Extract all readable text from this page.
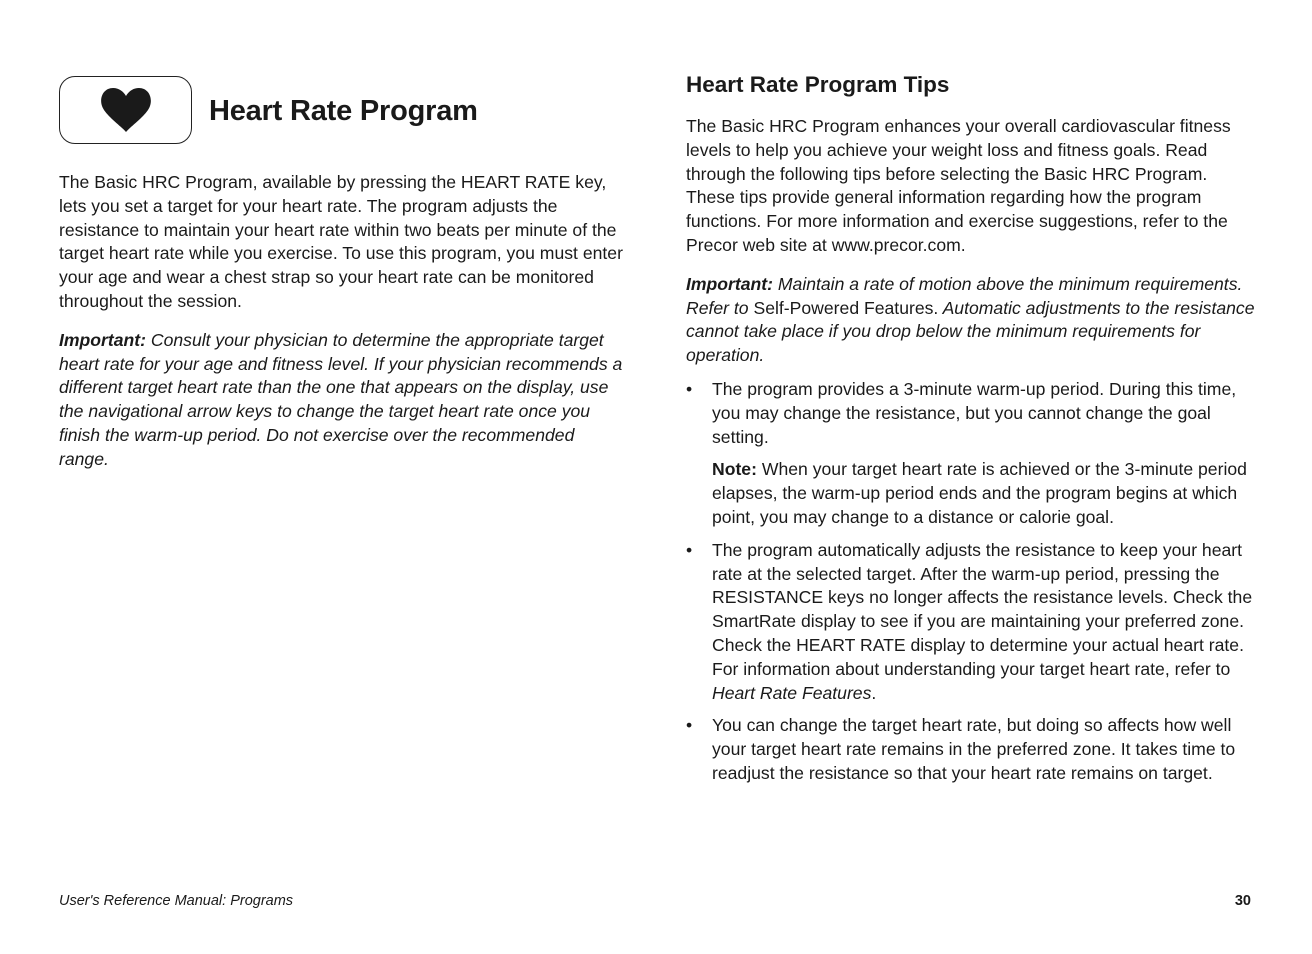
Heart Rate Program

The Basic HRC Program, available by pressing the HEART RATE key, lets you set a target for your heart rate. The program adjusts the resistance to maintain your heart rate within two beats per minute of the target heart rate while you exercise. To use this program, you must enter your age and wear a chest strap so your heart rate can be monitored throughout the session.

Important: Consult your physician to determine the appropriate target heart rate for your age and fitness level. If your physician recommends a different target heart rate than the one that appears on the display, use the navigational arrow keys to change the target heart rate once you finish the warm-up period. Do not exercise over the recommended range.

Heart Rate Program Tips

The Basic HRC Program enhances your overall cardiovascular fitness levels to help you achieve your weight loss and fitness goals. Read through the following tips before selecting the Basic HRC Program. These tips provide general information regarding how the program functions. For more information and exercise suggestions, refer to the Precor web site at www.precor.com.

Important: Maintain a rate of motion above the minimum requirements. Refer to Self-Powered Features. Automatic adjustments to the resistance cannot take place if you drop below the minimum requirements for operation.

• The program provides a 3-minute warm-up period. During this time, you may change the resistance, but you cannot change the goal setting.

Note: When your target heart rate is achieved or the 3-minute period elapses, the warm-up period ends and the program begins at which point, you may change to a distance or calorie goal.

• The program automatically adjusts the resistance to keep your heart rate at the selected target. After the warm-up period, pressing the RESISTANCE keys no longer affects the resistance levels. Check the SmartRate display to see if you are maintaining your preferred zone. Check the HEART RATE display to determine your actual heart rate. For information about understanding your target heart rate, refer to Heart Rate Features.
• You can change the target heart rate, but doing so affects how well your target heart rate remains in the preferred zone. It takes time to readjust the resistance so that your heart rate remains on target.
User's Reference Manual: Programs	30
